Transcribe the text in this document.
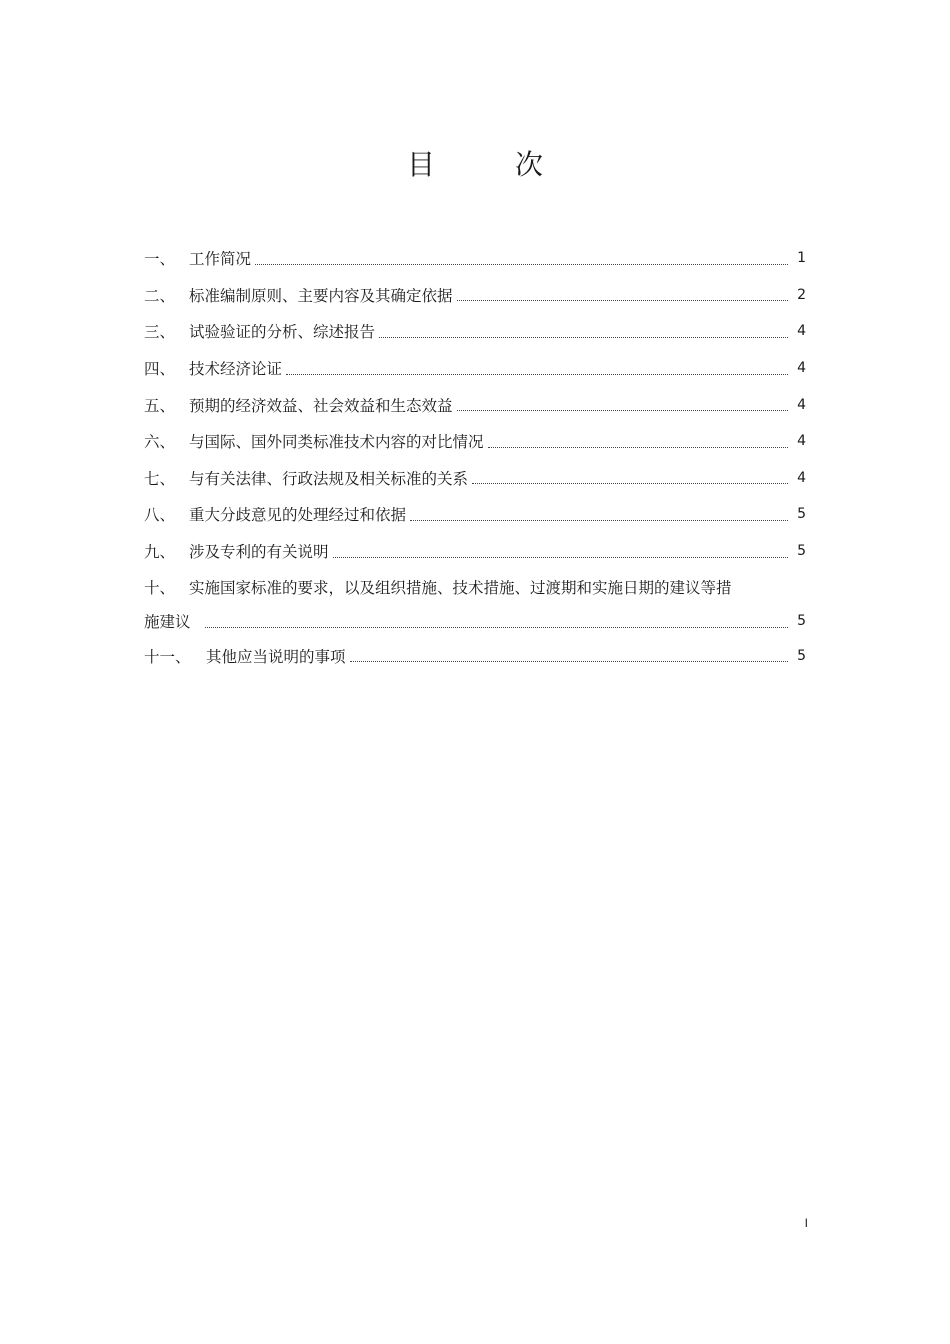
目　次
一、 工作简况	1
二、 标准编制原则、主要内容及其确定依据	2
三、 试验验证的分析、综述报告	4
四、 技术经济论证	4
五、 预期的经济效益、社会效益和生态效益	4
六、 与国际、国外同类标准技术内容的对比情况	4
七、 与有关法律、行政法规及相关标准的关系	4
八、 重大分歧意见的处理经过和依据	5
九、 涉及专利的有关说明	5
十、 实施国家标准的要求，以及组织措施、技术措施、过渡期和实施日期的建议等措
施建议	5
十一、 其他应当说明的事项	5
I
